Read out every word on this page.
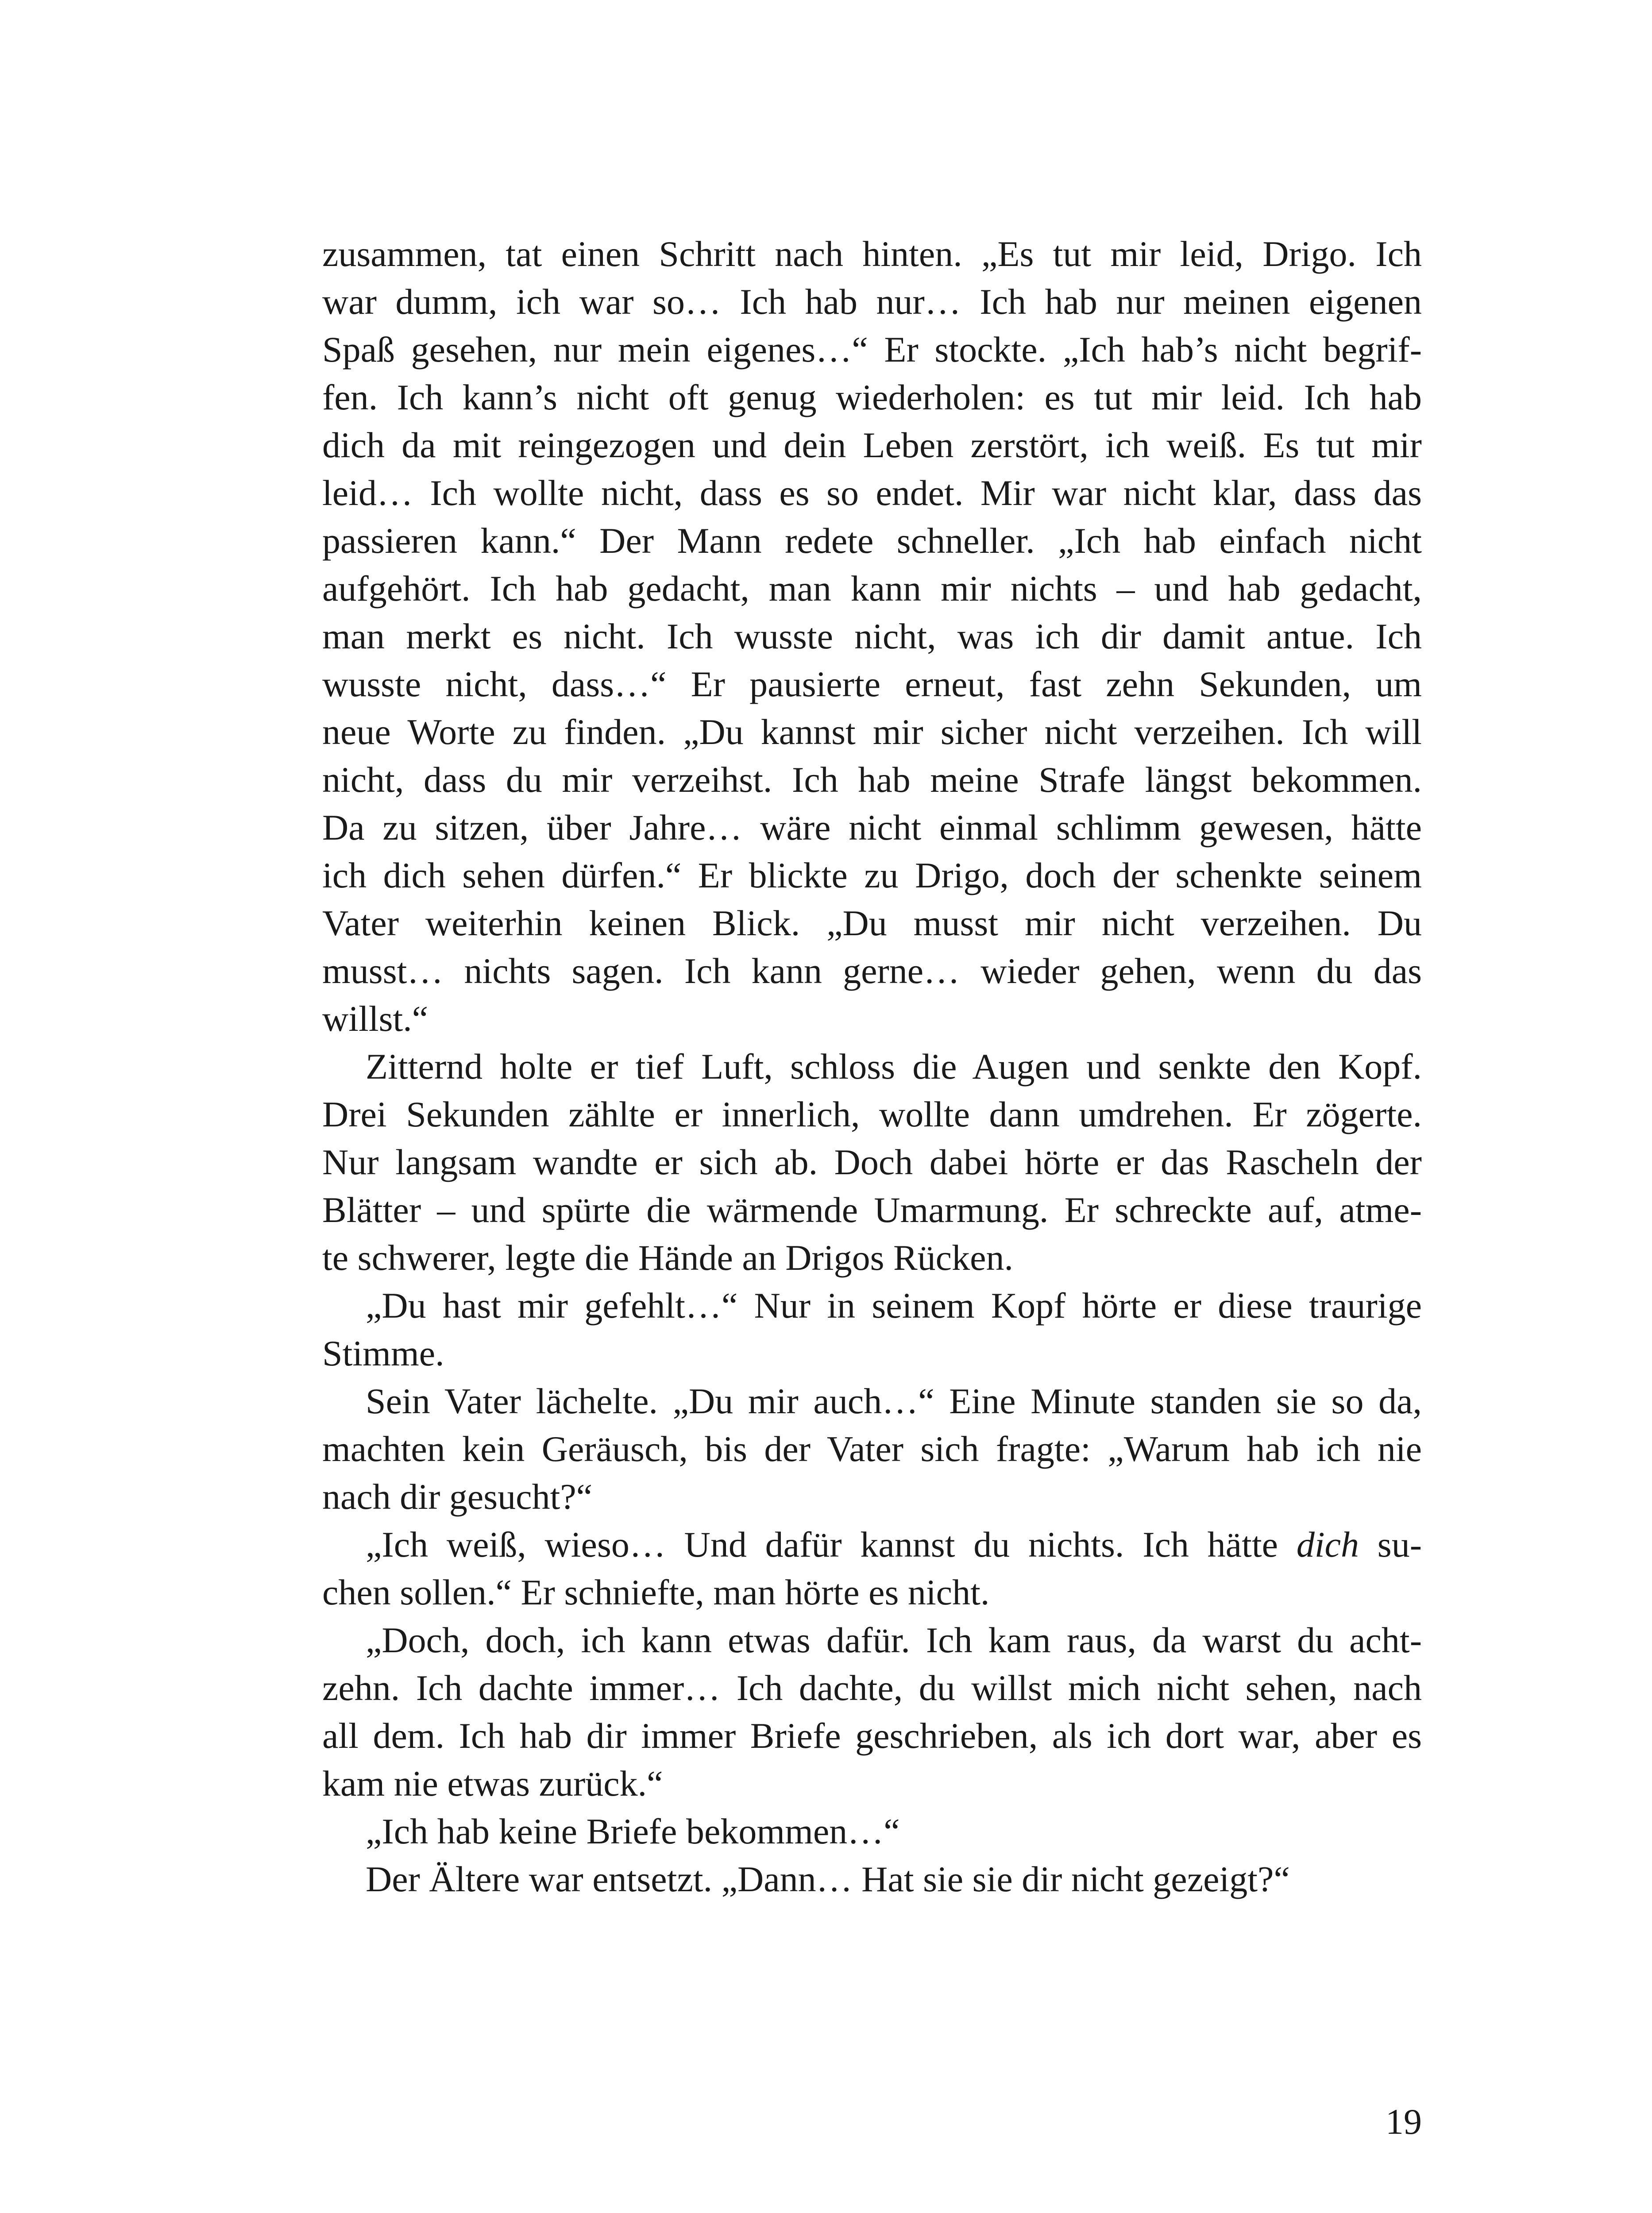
zusammen, tat einen Schritt nach hinten. „Es tut mir leid, Drigo. Ich
war dumm, ich war so… Ich hab nur… Ich hab nur meinen eigenen
Spaß gesehen, nur mein eigenes…“ Er stockte. „Ich hab’s nicht begrif-
fen. Ich kann’s nicht oft genug wiederholen: es tut mir leid. Ich hab
dich da mit reingezogen und dein Leben zerstört, ich weiß. Es tut mir
leid… Ich wollte nicht, dass es so endet. Mir war nicht klar, dass das
passieren kann.“ Der Mann redete schneller. „Ich hab einfach nicht
aufgehört. Ich hab gedacht, man kann mir nichts – und hab gedacht,
man merkt es nicht. Ich wusste nicht, was ich dir damit antue. Ich
wusste nicht, dass…“ Er pausierte erneut, fast zehn Sekunden, um
neue Worte zu finden. „Du kannst mir sicher nicht verzeihen. Ich will
nicht, dass du mir verzeihst. Ich hab meine Strafe längst bekommen.
Da zu sitzen, über Jahre… wäre nicht einmal schlimm gewesen, hätte
ich dich sehen dürfen.“ Er blickte zu Drigo, doch der schenkte seinem
Vater weiterhin keinen Blick. „Du musst mir nicht verzeihen. Du
musst… nichts sagen. Ich kann gerne… wieder gehen, wenn du das
willst.“
Zitternd holte er tief Luft, schloss die Augen und senkte den Kopf.
Drei Sekunden zählte er innerlich, wollte dann umdrehen. Er zögerte.
Nur langsam wandte er sich ab. Doch dabei hörte er das Rascheln der
Blätter – und spürte die wärmende Umarmung. Er schreckte auf, atme-
te schwerer, legte die Hände an Drigos Rücken.
„Du hast mir gefehlt…“ Nur in seinem Kopf hörte er diese traurige
Stimme.
Sein Vater lächelte. „Du mir auch…“ Eine Minute standen sie so da,
machten kein Geräusch, bis der Vater sich fragte: „Warum hab ich nie
nach dir gesucht?“
„Ich weiß, wieso… Und dafür kannst du nichts. Ich hätte dich su-
chen sollen.“ Er schniefte, man hörte es nicht.
„Doch, doch, ich kann etwas dafür. Ich kam raus, da warst du acht-
zehn. Ich dachte immer… Ich dachte, du willst mich nicht sehen, nach
all dem. Ich hab dir immer Briefe geschrieben, als ich dort war, aber es
kam nie etwas zurück.“
„Ich hab keine Briefe bekommen…“
Der Ältere war entsetzt. „Dann… Hat sie sie dir nicht gezeigt?“
19
